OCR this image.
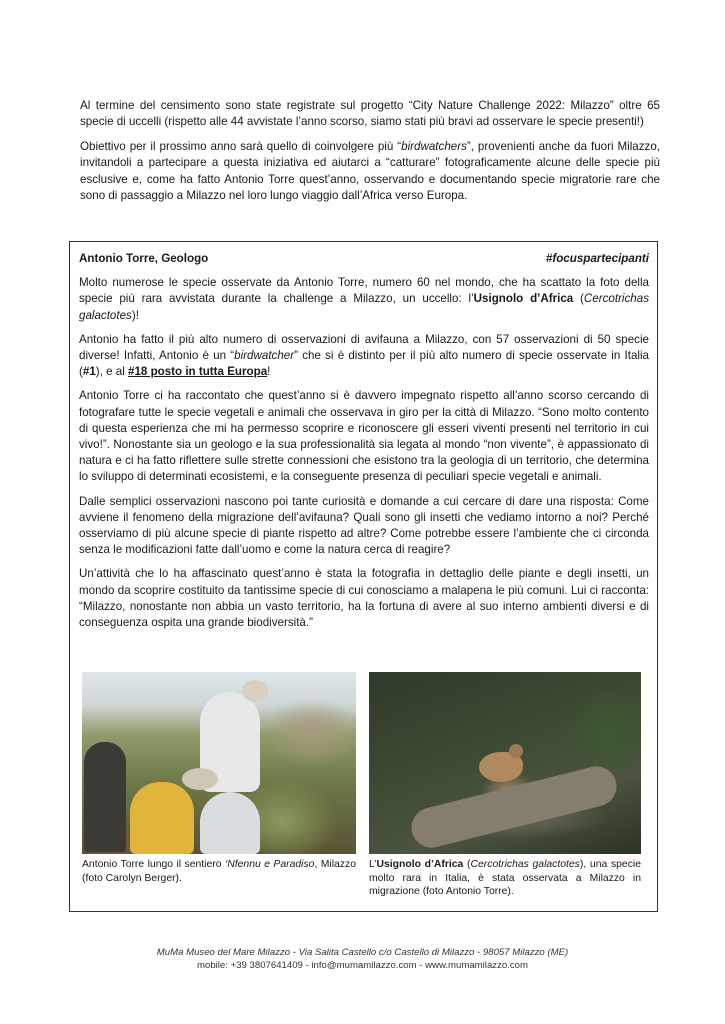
Al termine del censimento sono state registrate sul progetto “City Nature Challenge 2022: Milazzo” oltre 65 specie di uccelli (rispetto alle 44 avvistate l’anno scorso, siamo stati più bravi ad osservare le specie presenti!)

Obiettivo per il prossimo anno sarà quello di coinvolgere più “birdwatchers”, provenienti anche da fuori Milazzo, invitandoli a partecipare a questa iniziativa ed aiutarci a “catturare” fotograficamente alcune delle specie più esclusive e, come ha fatto Antonio Torre quest’anno, osservando e documentando specie migratorie rare che sono di passaggio a Milazzo nel loro lungo viaggio dall’Africa verso Europa.

Antonio Torre, Geologo	#focuspartecipanti

Molto numerose le specie osservate da Antonio Torre, numero 60 nel mondo, che ha scattato la foto della specie più rara avvistata durante la challenge a Milazzo, un uccello: l’Usignolo d’Africa (Cercotrichas galactotes)!

Antonio ha fatto il più alto numero di osservazioni di avifauna a Milazzo, con 57 osservazioni di 50 specie diverse! Infatti, Antonio è un “birdwatcher” che si è distinto per il più alto numero di specie osservate in Italia (#1), e al #18 posto in tutta Europa!

Antonio Torre ci ha raccontato che quest’anno si è davvero impegnato rispetto all’anno scorso cercando di fotografare tutte le specie vegetali e animali che osservava in giro per la città di Milazzo. “Sono molto contento di questa esperienza che mi ha permesso scoprire e riconoscere gli esseri viventi presenti nel territorio in cui vivo!”. Nonostante sia un geologo e la sua professionalità sia legata al mondo “non vivente”, è appassionato di natura e ci ha fatto riflettere sulle strette connessioni che esistono tra la geologia di un territorio, che determina lo sviluppo di determinati ecosistemi, e la conseguente presenza di peculiari specie vegetali e animali.

Dalle semplici osservazioni nascono poi tante curiosità e domande a cui cercare di dare una risposta: Come avviene il fenomeno della migrazione dell’avifauna? Quali sono gli insetti che vediamo intorno a noi? Perché osserviamo di più alcune specie di piante rispetto ad altre? Come potrebbe essere l’ambiente che ci circonda senza le modificazioni fatte dall’uomo e come la natura cerca di reagire?

Un’attività che lo ha affascinato quest’anno è stata la fotografia in dettaglio delle piante e degli insetti, un mondo da scoprire costituito da tantissime specie di cui conosciamo a malapena le più comuni. Lui ci racconta: “Milazzo, nonostante non abbia un vasto territorio, ha la fortuna di avere al suo interno ambienti diversi e di conseguenza ospita una grande biodiversità.”

Antonio Torre lungo il sentiero ‘Nfennu e Paradiso, Milazzo (foto Carolyn Berger).
L’Usignolo d’Africa (Cercotrichas galactotes), una specie molto rara in Italia, è stata osservata a Milazzo in migrazione (foto Antonio Torre).
MuMa Museo del Mare Milazzo - Via Salita Castello c/o Castello di Milazzo - 98057 Milazzo (ME)
mobile: +39 3807641409 - info@mumamilazzo.com - www.mumamilazzo.com
